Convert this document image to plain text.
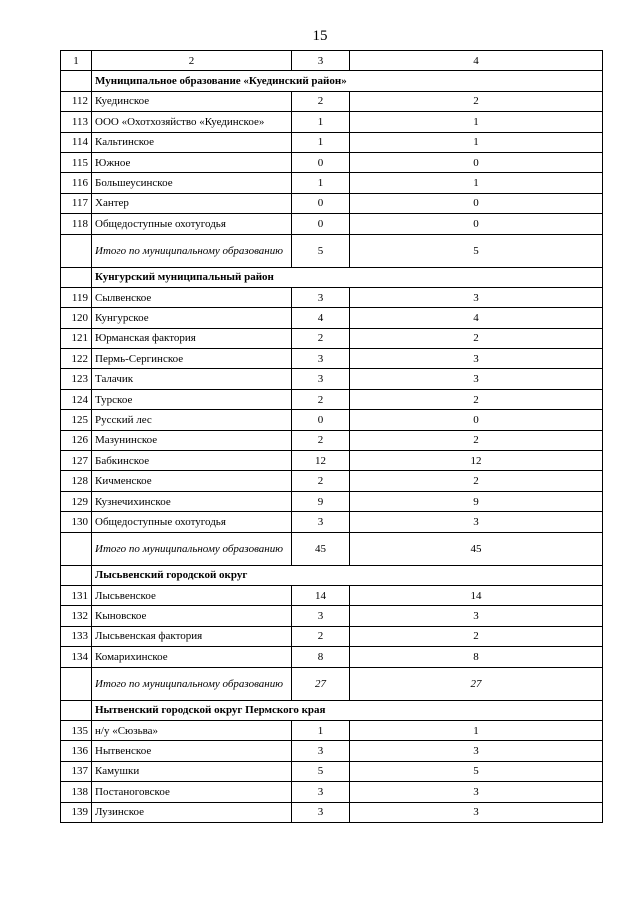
15
1	2	3	4
	Муниципальное образование «Куединский район»		
112	Куединское	2	2
113	ООО «Охотхозяйство «Куединское»	1	1
114	Кальтинское	1	1
115	Южное	0	0
116	Большеусинское	1	1
117	Хантер	0	0
118	Общедоступные охотугодья	0	0
	Итого по муниципальному образованию	5	5
	Кунгурский муниципальный район		
119	Сылвенское	3	3
120	Кунгурское	4	4
121	Юрманская фактория	2	2
122	Пермь-Сергинское	3	3
123	Талачик	3	3
124	Турское	2	2
125	Русский лес	0	0
126	Мазунинское	2	2
127	Бабкинское	12	12
128	Кичменское	2	2
129	Кузнечихинское	9	9
130	Общедоступные охотугодья	3	3
	Итого по муниципальному образованию	45	45
	Лысьвенский городской округ		
131	Лысьвенское	14	14
132	Кыновское	3	3
133	Лысьвенская фактория	2	2
134	Комарихинское	8	8
	Итого по муниципальному образованию	27	27
	Нытвенский городской округ Пермского края		
135	н/у «Сюзьва»	1	1
136	Нытвенское	3	3
137	Камушки	5	5
138	Постаноговское	3	3
139	Лузинское	3	3
